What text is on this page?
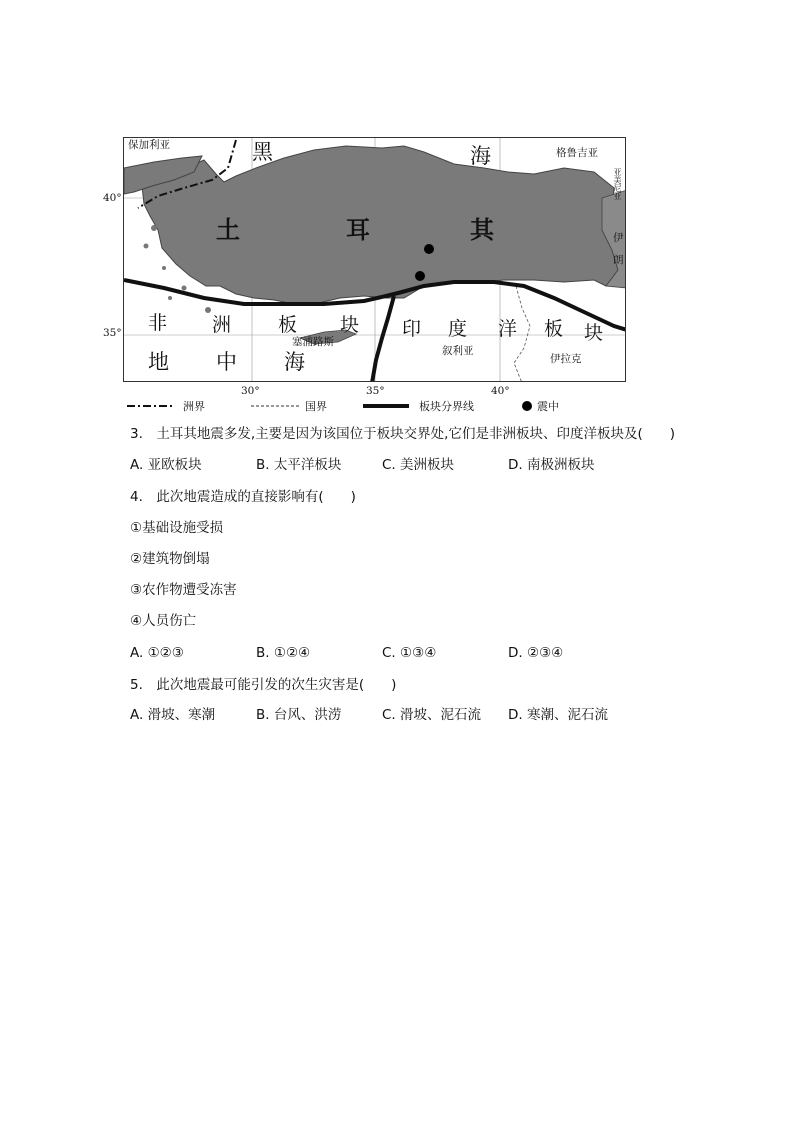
保加利亚	黑	海	格鲁吉亚
亚美尼亚
土	耳	其	伊
朗
非 洲 板 块 印 度 洋 板 块
塞浦路斯
叙利亚
伊拉克
地 中 海
40°
35°
30°	35°	40°
洲界	国界	板块分界线	震中
3.　土耳其地震多发,主要是因为该国位于板块交界处,它们是非洲板块、印度洋板块及(　　)
A. 亚欧板块	B. 太平洋板块	C. 美洲板块	D. 南极洲板块
4.　此次地震造成的直接影响有(　　)
①基础设施受损
②建筑物倒塌
③农作物遭受冻害
④人员伤亡
A. ①②③	B. ①②④	C. ①③④	D. ②③④
5.　此次地震最可能引发的次生灾害是(　　)
A. 滑坡、寒潮	B. 台风、洪涝	C. 滑坡、泥石流 D. 寒潮、泥石流
